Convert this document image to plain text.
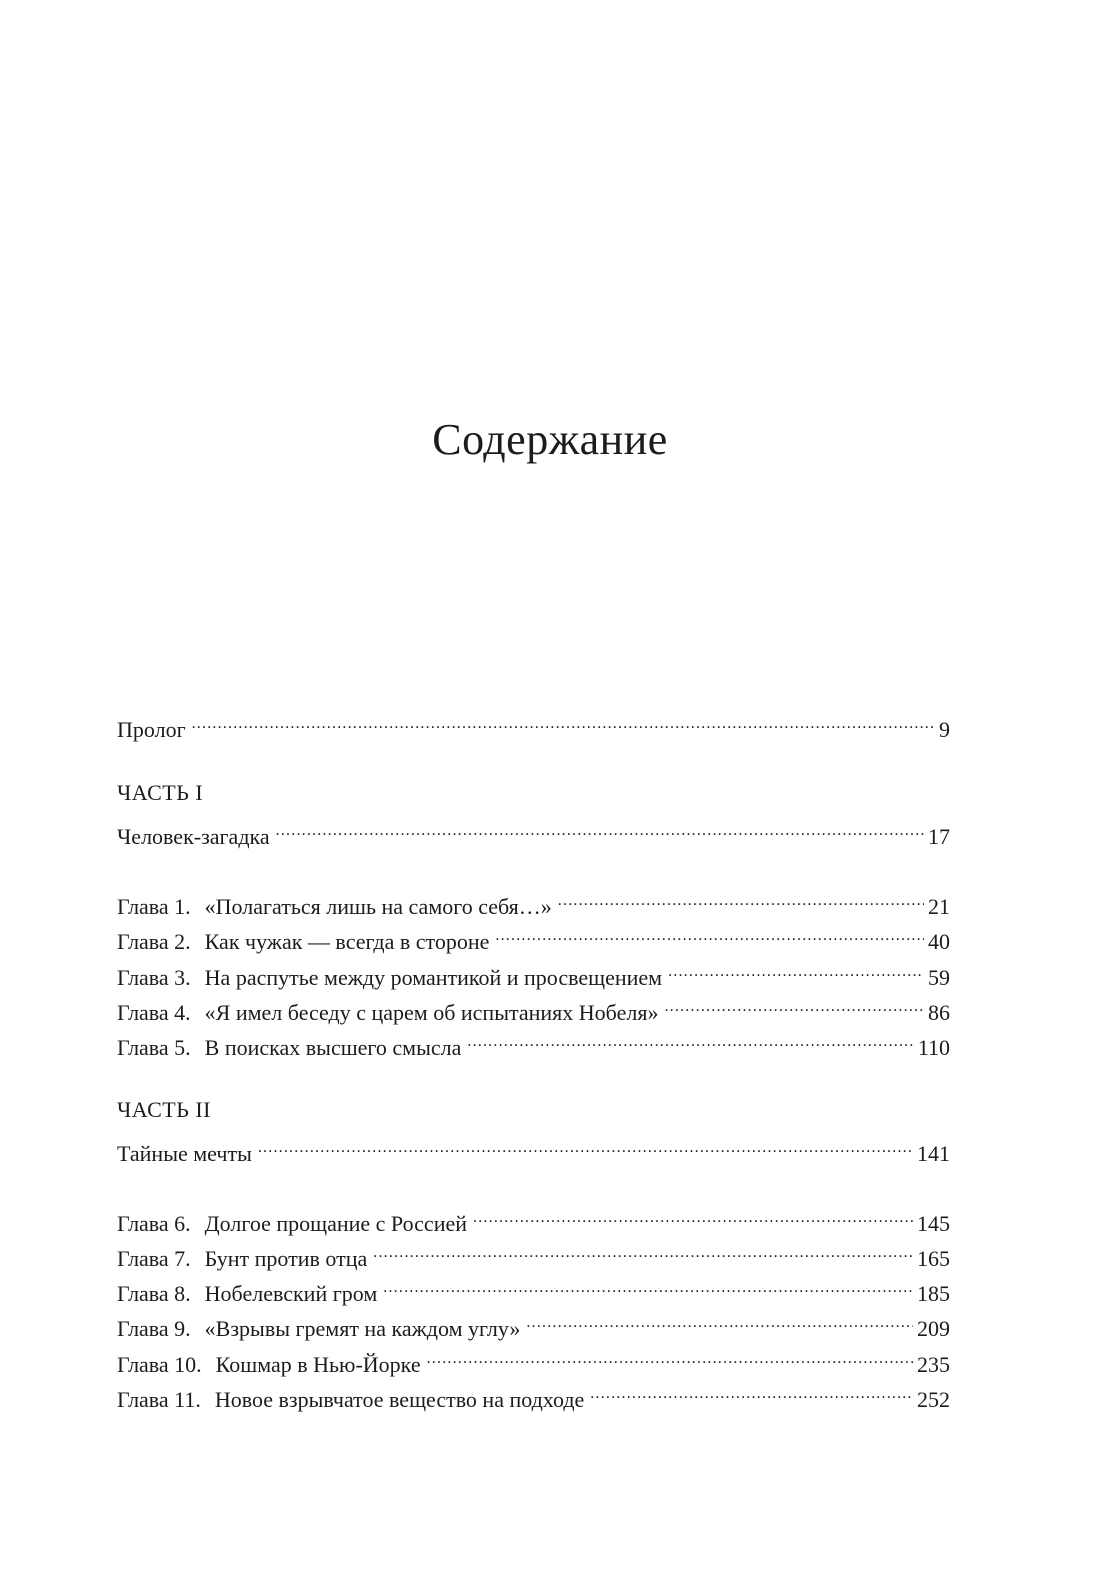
Содержание
Пролог .....	9
ЧАСТЬ I
Человек-загадка .....	17
Глава 1. «Полагаться лишь на самого себя…» .....	21
Глава 2. Как чужак — всегда в стороне .....	40
Глава 3. На распутье между романтикой и просвещением .....	59
Глава 4. «Я имел беседу с царем об испытаниях Нобеля» .....	86
Глава 5. В поисках высшего смысла .....	110
ЧАСТЬ II
Тайные мечты .....	141
Глава 6. Долгое прощание с Россией .....	145
Глава 7. Бунт против отца .....	165
Глава 8. Нобелевский гром .....	185
Глава 9. «Взрывы гремят на каждом углу» .....	209
Глава 10. Кошмар в Нью-Йорке .....	235
Глава 11. Новое взрывчатое вещество на подходе .....	252
